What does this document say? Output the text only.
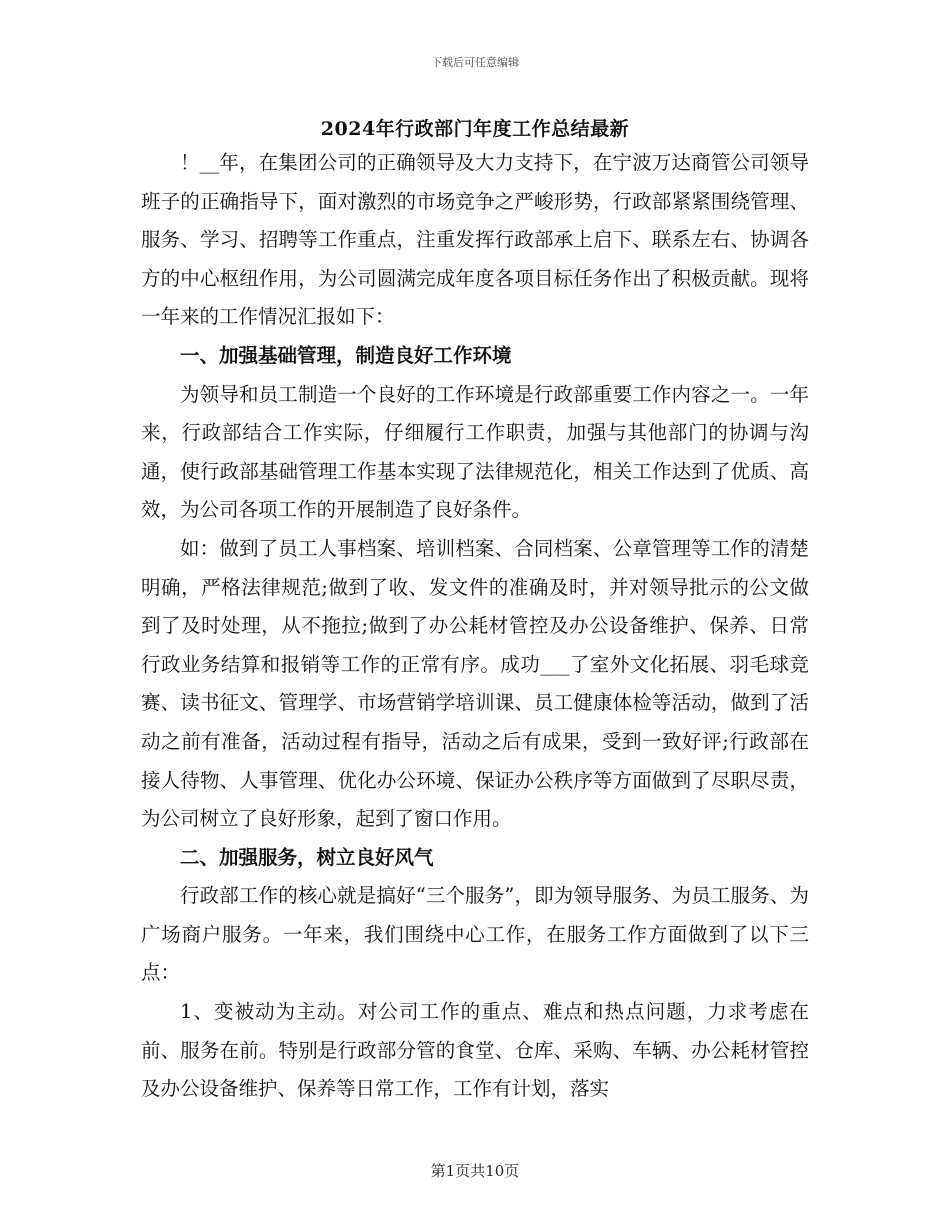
下载后可任意编辑
2024年行政部门年度工作总结最新

！__年，在集团公司的正确领导及大力支持下，在宁波万达商管公司领导班子的正确指导下，面对激烈的市场竞争之严峻形势，行政部紧紧围绕管理、服务、学习、招聘等工作重点，注重发挥行政部承上启下、联系左右、协调各方的中心枢纽作用，为公司圆满完成年度各项目标任务作出了积极贡献。现将一年来的工作情况汇报如下：

一、加强基础管理，制造良好工作环境

为领导和员工制造一个良好的工作环境是行政部重要工作内容之一。一年来，行政部结合工作实际，仔细履行工作职责，加强与其他部门的协调与沟通，使行政部基础管理工作基本实现了法律规范化，相关工作达到了优质、高效，为公司各项工作的开展制造了良好条件。

如：做到了员工人事档案、培训档案、合同档案、公章管理等工作的清楚明确，严格法律规范;做到了收、发文件的准确及时，并对领导批示的公文做到了及时处理，从不拖拉;做到了办公耗材管控及办公设备维护、保养、日常行政业务结算和报销等工作的正常有序。成功___了室外文化拓展、羽毛球竞赛、读书征文、管理学、市场营销学培训课、员工健康体检等活动，做到了活动之前有准备，活动过程有指导，活动之后有成果，受到一致好评;行政部在接人待物、人事管理、优化办公环境、保证办公秩序等方面做到了尽职尽责，为公司树立了良好形象，起到了窗口作用。

二、加强服务，树立良好风气

行政部工作的核心就是搞好“三个服务”，即为领导服务、为员工服务、为广场商户服务。一年来，我们围绕中心工作，在服务工作方面做到了以下三点：

1、变被动为主动。对公司工作的重点、难点和热点问题，力求考虑在前、服务在前。特别是行政部分管的食堂、仓库、采购、车辆、办公耗材管控及办公设备维护、保养等日常工作，工作有计划，落实

第1页共10页
